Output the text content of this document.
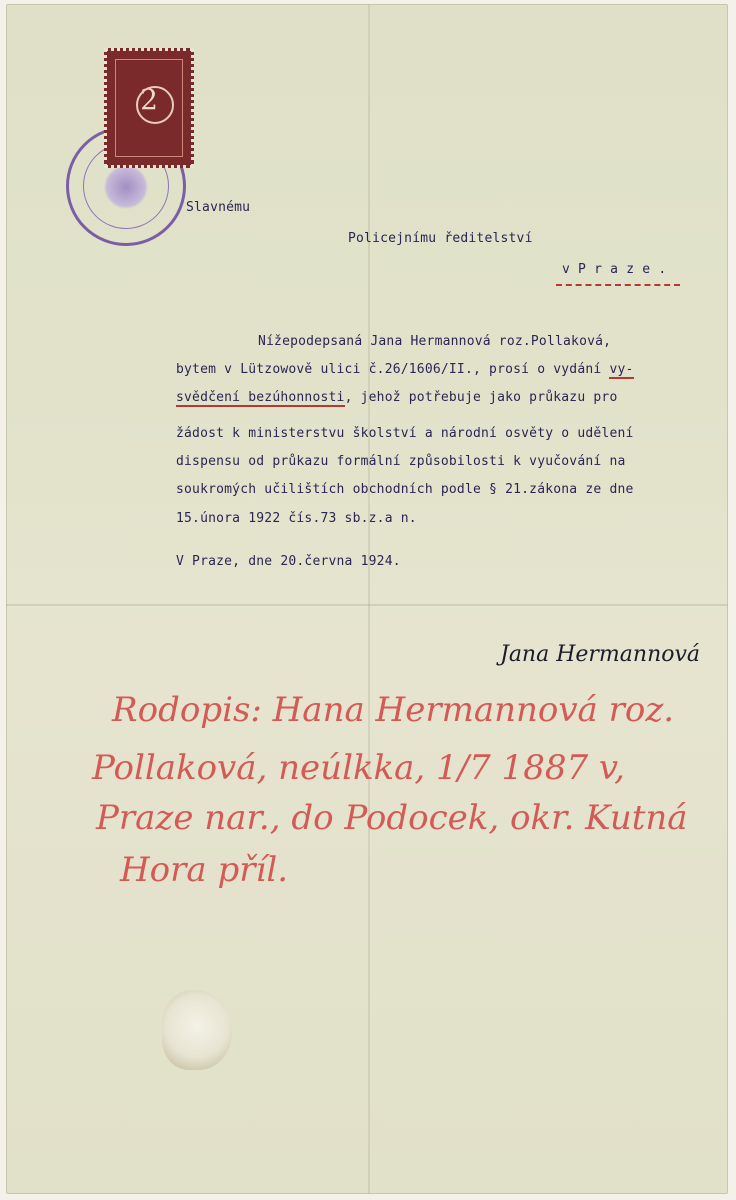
2
Slavnému
Policejnímu ředitelství
v P r a z e .
Nížepodepsaná Jana Hermannová roz.Pollaková,
bytem v Lützowově ulici č.26/1606/II., prosí o vydání vy-
svědčení bezúhonnosti, jehož potřebuje jako průkazu pro
žádost k ministerstvu školství a národní osvěty o udělení
dispensu od průkazu formální způsobilosti k vyučování na
soukromých učilištích obchodních podle § 21.zákona ze dne
15.února 1922 čís.73 sb.z.a n.
V Praze, dne 20.června 1924.
Jana Hermannová
Rodopis: Hana Hermannová roz.
Pollaková, neúlkka, 1/7 1887 v,
Praze nar., do Podocek, okr. Kutná
Hora příl.
